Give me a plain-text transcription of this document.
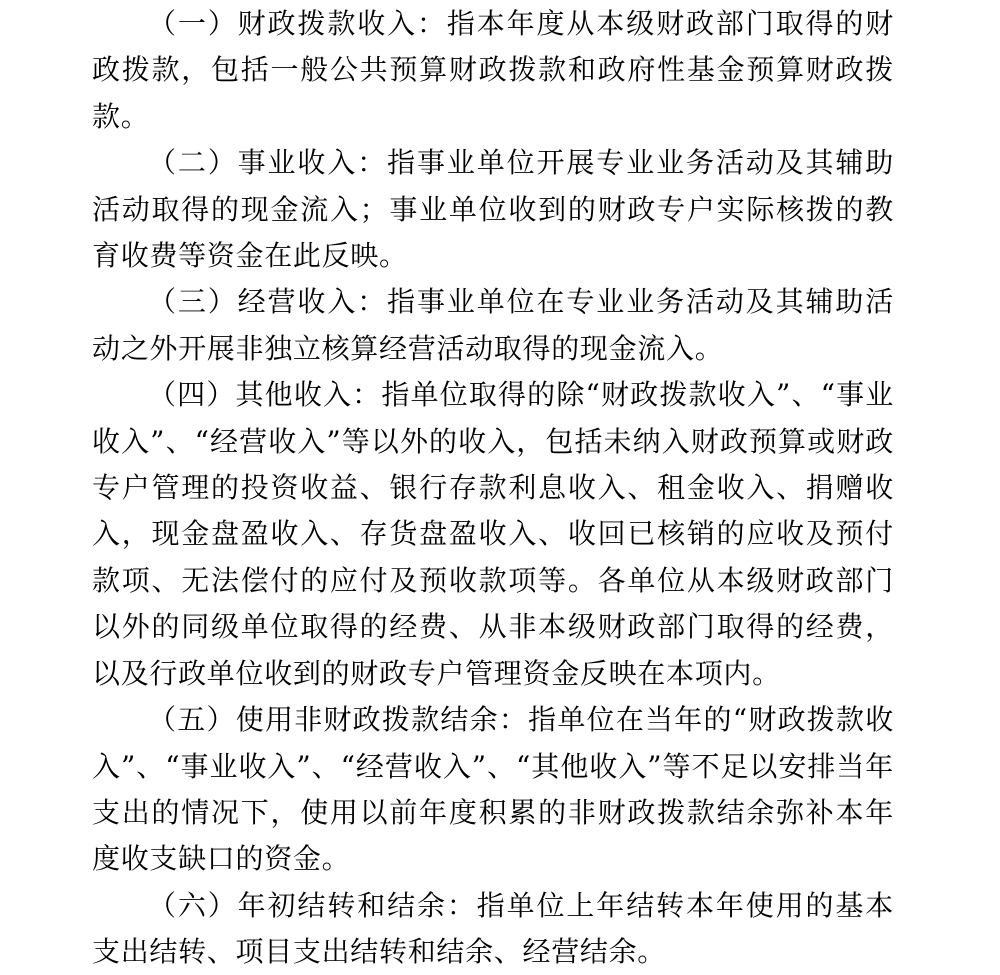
（一）财政拨款收入：指本年度从本级财政部门取得的财政拨款，包括一般公共预算财政拨款和政府性基金预算财政拨款。

（二）事业收入：指事业单位开展专业业务活动及其辅助活动取得的现金流入；事业单位收到的财政专户实际核拨的教育收费等资金在此反映。

（三）经营收入：指事业单位在专业业务活动及其辅助活动之外开展非独立核算经营活动取得的现金流入。

（四）其他收入：指单位取得的除“财政拨款收入”、“事业收入”、“经营收入”等以外的收入，包括未纳入财政预算或财政专户管理的投资收益、银行存款利息收入、租金收入、捐赠收入，现金盘盈收入、存货盘盈收入、收回已核销的应收及预付款项、无法偿付的应付及预收款项等。各单位从本级财政部门以外的同级单位取得的经费、从非本级财政部门取得的经费，以及行政单位收到的财政专户管理资金反映在本项内。

（五）使用非财政拨款结余：指单位在当年的“财政拨款收入”、“事业收入”、“经营收入”、“其他收入”等不足以安排当年支出的情况下，使用以前年度积累的非财政拨款结余弥补本年度收支缺口的资金。

（六）年初结转和结余：指单位上年结转本年使用的基本支出结转、项目支出结转和结余、经营结余。
